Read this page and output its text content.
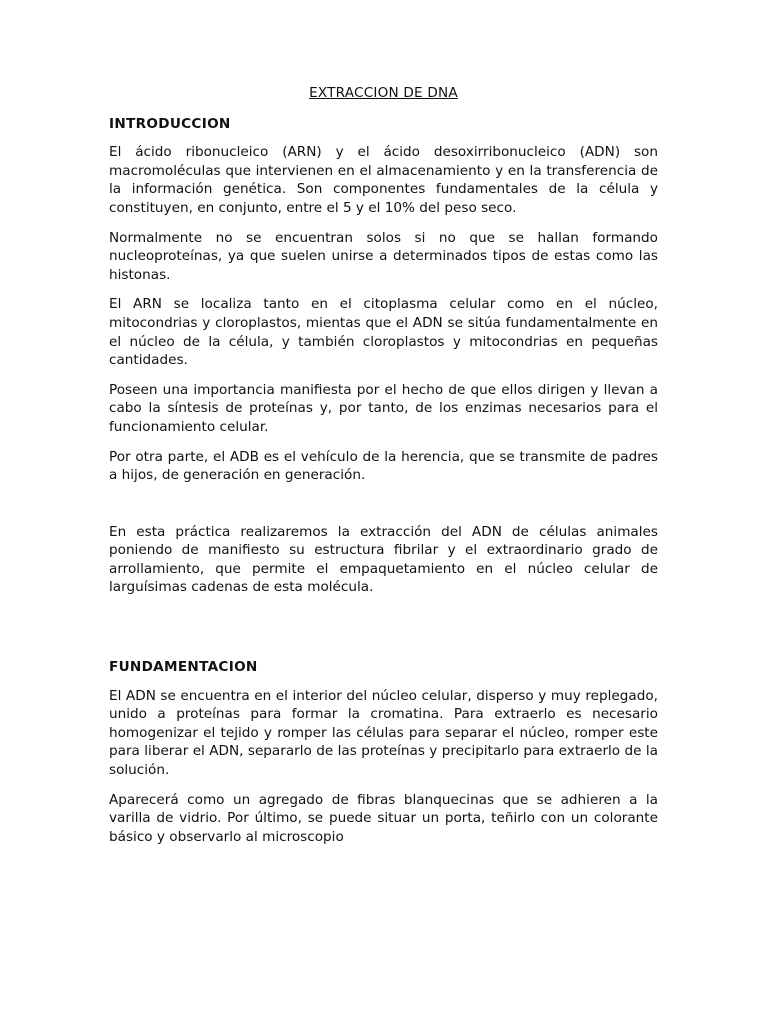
EXTRACCION DE DNA
INTRODUCCION

El ácido ribonucleico (ARN) y el ácido desoxirribonucleico (ADN) son macromoléculas que intervienen en el almacenamiento y en la transferencia de la información genética. Son componentes fundamentales de la célula y constituyen, en conjunto, entre el 5 y el 10% del peso seco.

Normalmente no se encuentran solos si no que se hallan formando nucleoproteínas, ya que suelen unirse a determinados tipos de estas como las histonas.

El ARN se localiza tanto en el citoplasma celular como en el núcleo, mitocondrias y cloroplastos, mientas que el ADN se sitúa fundamentalmente en el núcleo de la célula, y también cloroplastos y mitocondrias en pequeñas cantidades.

Poseen una importancia manifiesta por el hecho de que ellos dirigen y llevan a cabo la síntesis de proteínas y, por tanto, de los enzimas necesarios para el funcionamiento celular.

Por otra parte, el ADB es el vehículo de la herencia, que se transmite de padres a hijos, de generación en generación.

En esta práctica realizaremos la extracción del ADN de células animales poniendo de manifiesto su estructura fibrilar y el extraordinario grado de arrollamiento, que permite el empaquetamiento en el núcleo celular de larguísimas cadenas de esta molécula.

FUNDAMENTACION

El ADN se encuentra en el interior del núcleo celular, disperso y muy replegado, unido a proteínas para formar la cromatina. Para extraerlo es necesario homogenizar el tejido y romper las células para separar el núcleo, romper este para liberar el ADN, separarlo de las proteínas y precipitarlo para extraerlo de la solución.

Aparecerá como un agregado de fibras blanquecinas que se adhieren a la varilla de vidrio. Por último, se puede situar un porta, teñirlo con un colorante básico y observarlo al microscopio
